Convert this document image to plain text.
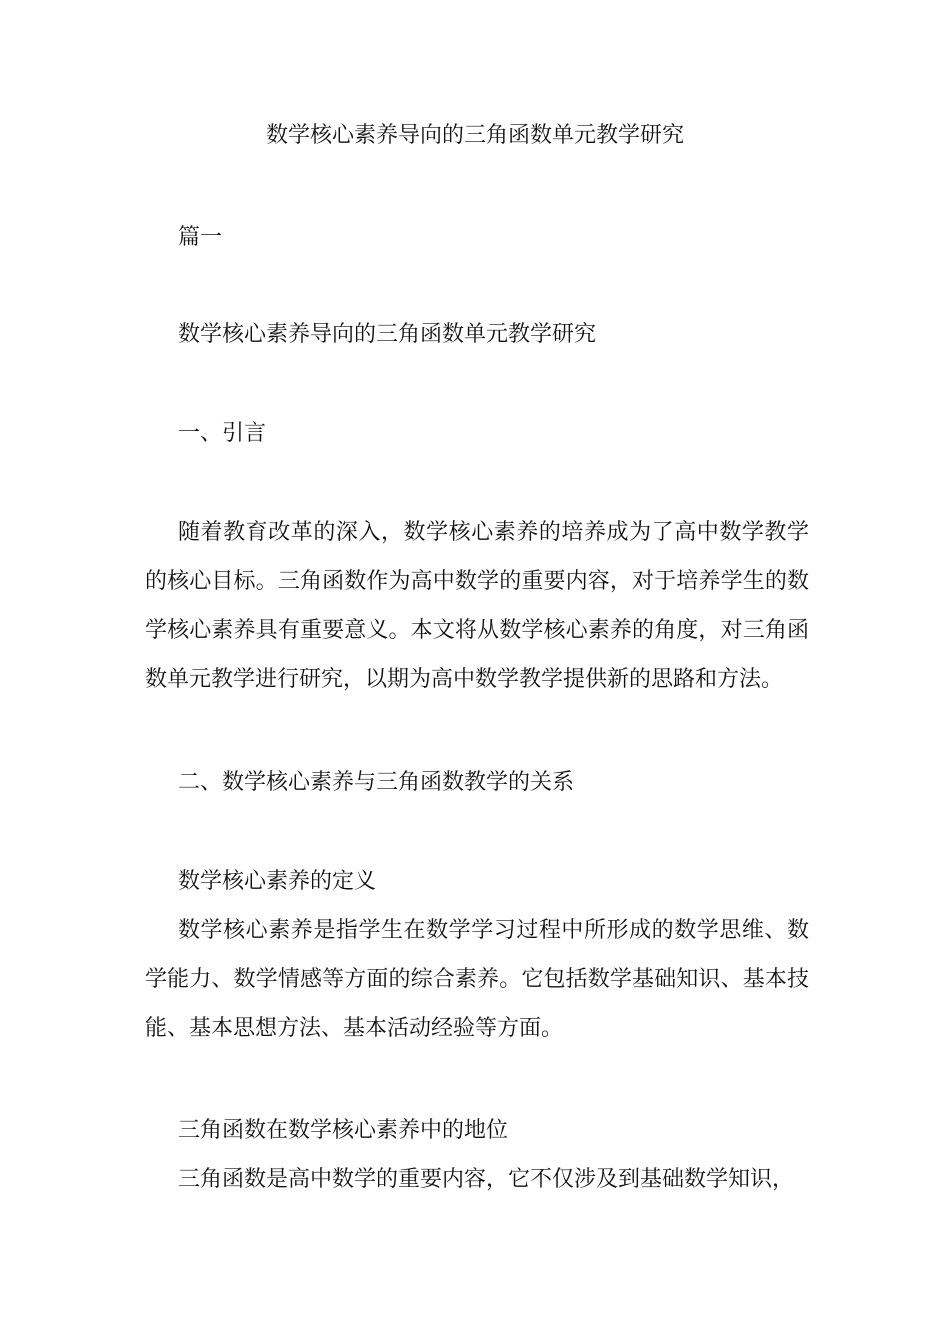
数学核心素养导向的三角函数单元教学研究
篇一
数学核心素养导向的三角函数单元教学研究
一、引言

随着教育改革的深入，数学核心素养的培养成为了高中数学教学的核心目标。三角函数作为高中数学的重要内容，对于培养学生的数学核心素养具有重要意义。本文将从数学核心素养的角度，对三角函数单元教学进行研究，以期为高中数学教学提供新的思路和方法。

二、数学核心素养与三角函数教学的关系
数学核心素养的定义

数学核心素养是指学生在数学学习过程中所形成的数学思维、数学能力、数学情感等方面的综合素养。它包括数学基础知识、基本技能、基本思想方法、基本活动经验等方面。

三角函数在数学核心素养中的地位

三角函数是高中数学的重要内容，它不仅涉及到基础数学知识，
